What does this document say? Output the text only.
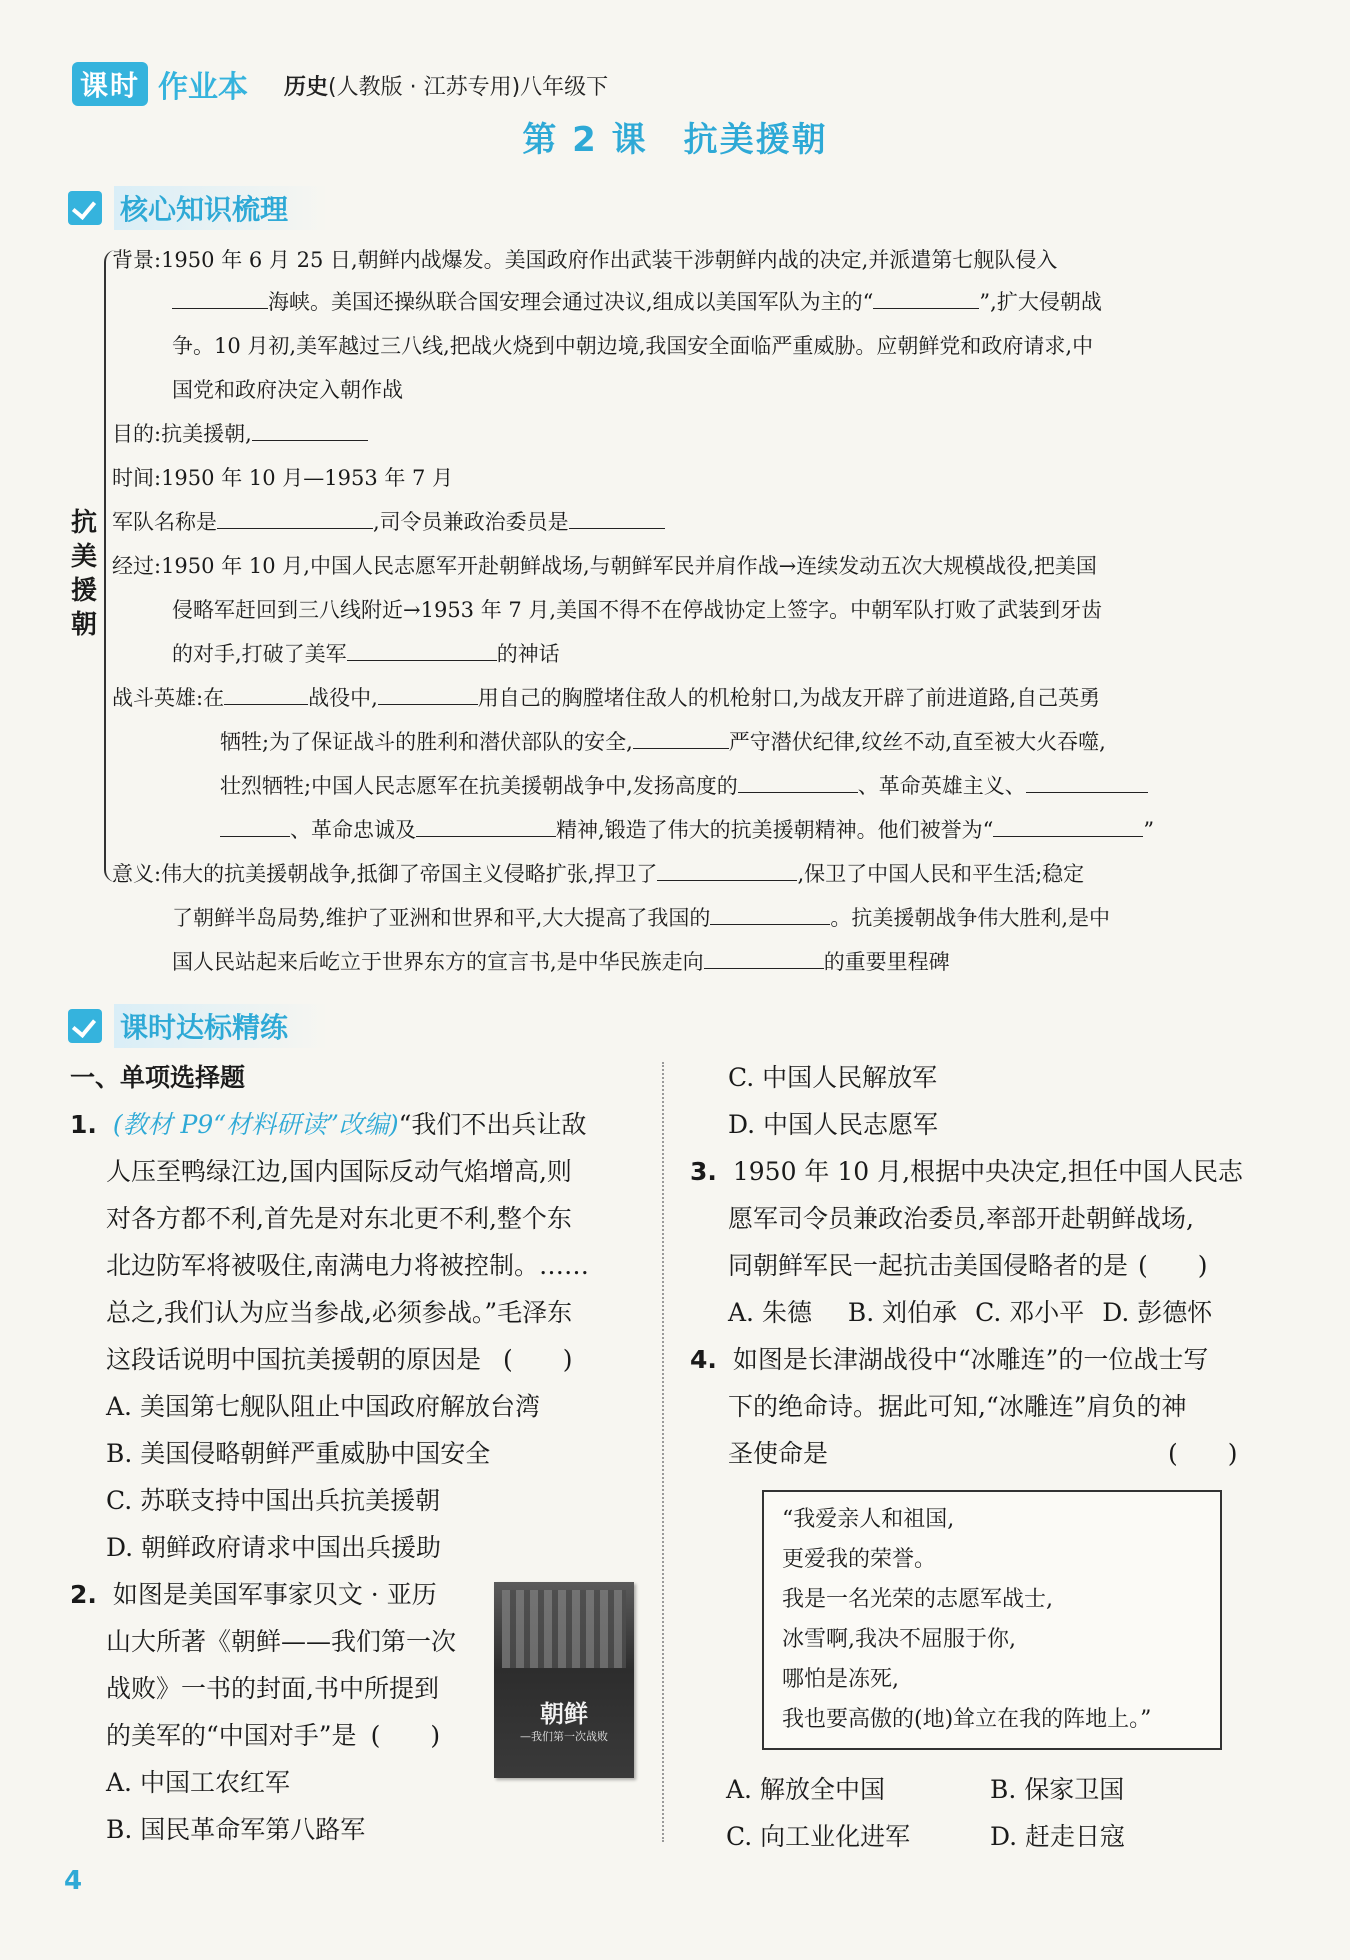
课时 作业本 历史(人教版 · 江苏专用)八年级下
第 2 课 抗美援朝
核心知识梳理
抗
美
援
朝
背景:1950 年 6 月 25 日,朝鲜内战爆发。美国政府作出武装干涉朝鲜内战的决定,并派遣第七舰队侵入
海峡。美国还操纵联合国安理会通过决议,组成以美国军队为主的“	”,扩大侵朝战
争。10 月初,美军越过三八线,把战火烧到中朝边境,我国安全面临严重威胁。应朝鲜党和政府请求,中
国党和政府决定入朝作战
目的:抗美援朝,
时间:1950 年 10 月—1953 年 7 月
军队名称是	,司令员兼政治委员是
经过:1950 年 10 月,中国人民志愿军开赴朝鲜战场,与朝鲜军民并肩作战→连续发动五次大规模战役,把美国
侵略军赶回到三八线附近→1953 年 7 月,美国不得不在停战协定上签字。中朝军队打败了武装到牙齿
的对手,打破了美军	的神话
战斗英雄:在	战役中,	用自己的胸膛堵住敌人的机枪射口,为战友开辟了前进道路,自己英勇
牺牲;为了保证战斗的胜利和潜伏部队的安全,	严守潜伏纪律,纹丝不动,直至被大火吞噬,
壮烈牺牲;中国人民志愿军在抗美援朝战争中,发扬高度的	、革命英雄主义、
、革命忠诚及	精神,锻造了伟大的抗美援朝精神。他们被誉为“	”
意义:伟大的抗美援朝战争,抵御了帝国主义侵略扩张,捍卫了	,保卫了中国人民和平生活;稳定
了朝鲜半岛局势,维护了亚洲和世界和平,大大提高了我国的	。抗美援朝战争伟大胜利,是中
国人民站起来后屹立于世界东方的宣言书,是中华民族走向	的重要里程碑
课时达标精练
一、单项选择题
1. (教材 P9“材料研读”改编)“我们不出兵让敌
人压至鸭绿江边,国内国际反动气焰增高,则
对各方都不利,首先是对东北更不利,整个东
北边防军将被吸住,南满电力将被控制。……
总之,我们认为应当参战,必须参战。”毛泽东
这段话说明中国抗美援朝的原因是 (　　)
A. 美国第七舰队阻止中国政府解放台湾
B. 美国侵略朝鲜严重威胁中国安全
C. 苏联支持中国出兵抗美援朝
D. 朝鲜政府请求中国出兵援助
2. 如图是美国军事家贝文 · 亚历
山大所著《朝鲜——我们第一次
战败》一书的封面,书中所提到
的美军的“中国对手”是 (　　)
朝鲜
—我们第一次战败
A. 中国工农红军
B. 国民革命军第八路军
C. 中国人民解放军
D. 中国人民志愿军
3. 1950 年 10 月,根据中央决定,担任中国人民志
愿军司令员兼政治委员,率部开赴朝鲜战场,
同朝鲜军民一起抗击美国侵略者的是 (　　)
A. 朱德 B. 刘伯承 C. 邓小平 D. 彭德怀
4. 如图是长津湖战役中“冰雕连”的一位战士写
下的绝命诗。据此可知,“冰雕连”肩负的神
圣使命是	(　　)
“我爱亲人和祖国,
更爱我的荣誉。
我是一名光荣的志愿军战士,
冰雪啊,我决不屈服于你,
哪怕是冻死,
我也要高傲的(地)耸立在我的阵地上。”
A. 解放全中国	B. 保家卫国
C. 向工业化进军	D. 赶走日寇
4
